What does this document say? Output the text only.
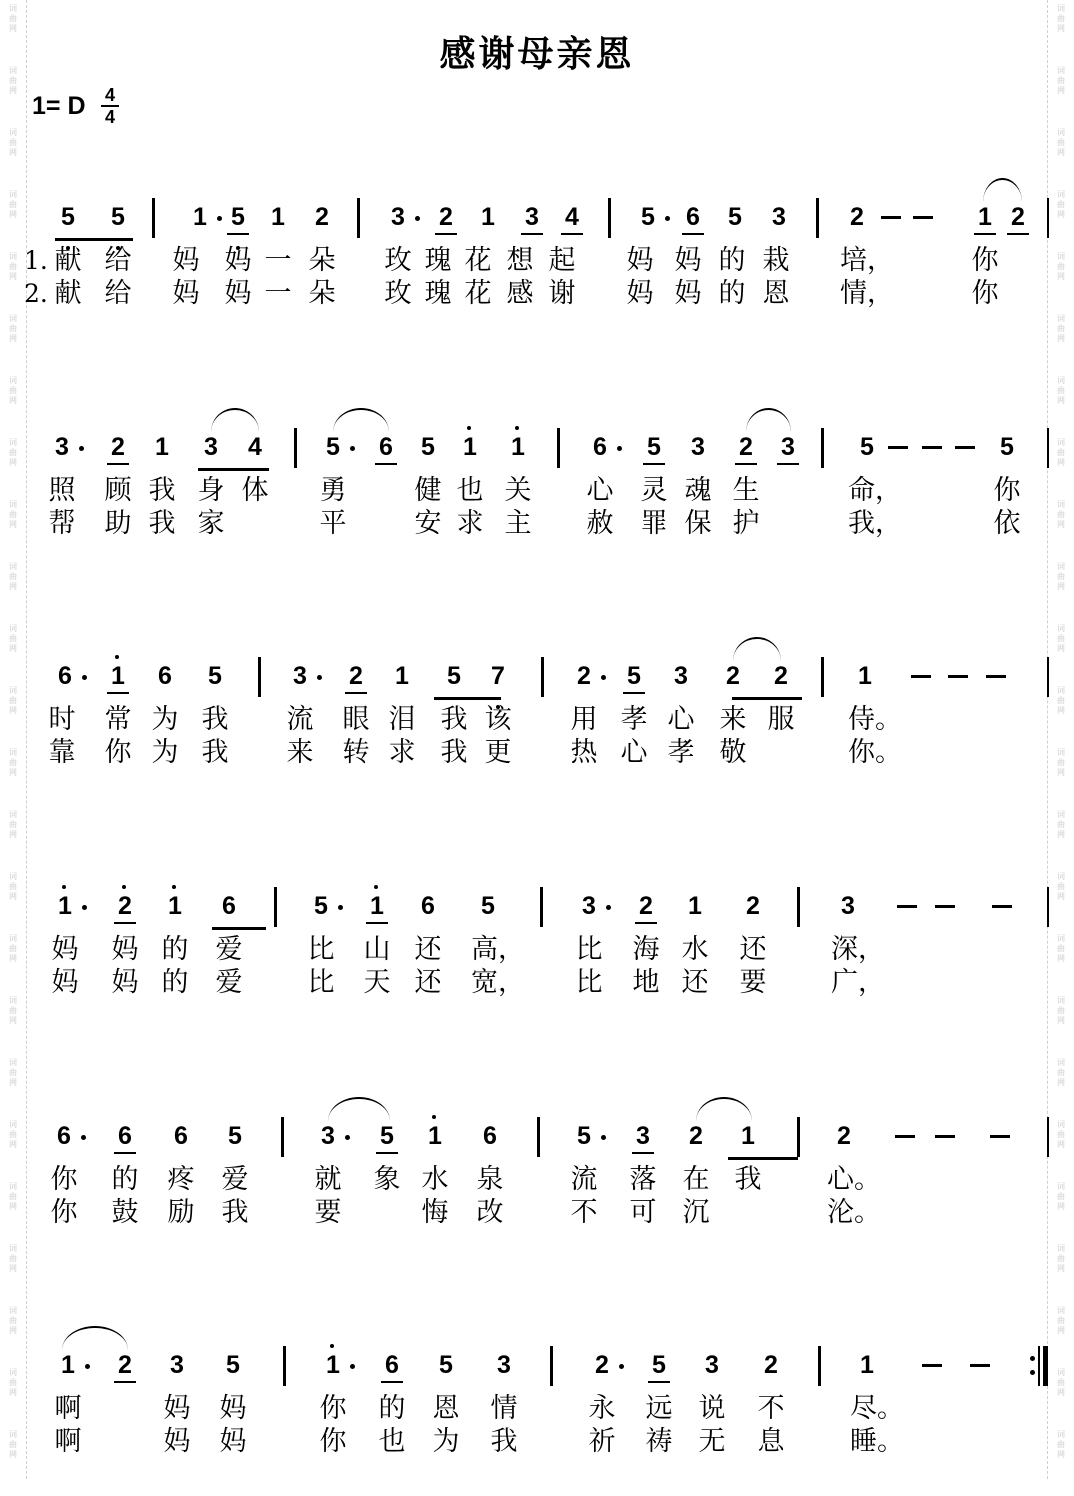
词
曲
网
词
曲
网
词
曲
网
词
曲
网
词
曲
网
词
曲
网
词
曲
网
词
曲
网
词
曲
网
词
曲
网
词
曲
网
词
曲
网
词
曲
网
词
曲
网
词
曲
网
词
曲
网
词
曲
网
词
曲
网
词
曲
网
词
曲
网
词
曲
网
词
曲
网
词
曲
网
词
曲
网
词
曲
网
词
曲
网
词
曲
网
词
曲
网
词
曲
网
词
曲
网
词
曲
网
词
曲
网
词
曲
网
词
曲
网
词
曲
网
词
曲
网
词
曲
网
词
曲
网
词
曲
网
词
曲
网
词
曲
网
词
曲
网
词
曲
网
词
曲
网
词
曲
网
词
曲
网
词
曲
网
词
曲
网
感谢母亲恩
1= D	4
4
5 5	1 5 1 2 3 2 1 3 4 5 6 5 3	2	1 2
1. 献 给 妈 妈 一 朵 玫 瑰 花 想 起 妈 妈 的 栽 培，	你
2. 献 给 妈 妈 一 朵 玫 瑰 花 感 谢 妈 妈 的 恩 情，	你
3 2 1 3 4	5 6 5 1 1	6 5 3 2 3	5	5
照 顾 我 身 体 勇	健 也 关 心 灵 魂 生	命，	你
帮 助 我 家	平	安 求 主 赦 罪 保 护	我，	依
6 1 6 5	3 2 1 5 7	2 5 3 2 2	1
时 常 为 我 流 眼 泪 我 该 用 孝 心 来 服 侍。
靠 你 为 我 来 转 求 我 更 热 心 孝 敬	你。
1 2 1 6	5 1 6 5	3 2 1 2	3
妈 妈 的 爱 比 山 还 高， 比 海 水 还 深，
妈 妈 的 爱 比 天 还 宽， 比 地 还 要 广，
6 6 6 5	3 5 1 6	5 3 2 1	2
你 的 疼 爱 就 象 水 泉 流 落 在 我 心。
你 鼓 励 我 要	悔 改 不 可 沉	沦。
1 2 3 5	1 6 5 3	2 5 3 2	1
啊	妈 妈	你 的 恩 情	永 远 说 不 尽。
啊	妈 妈	你 也 为 我	祈 祷 无 息 睡。
